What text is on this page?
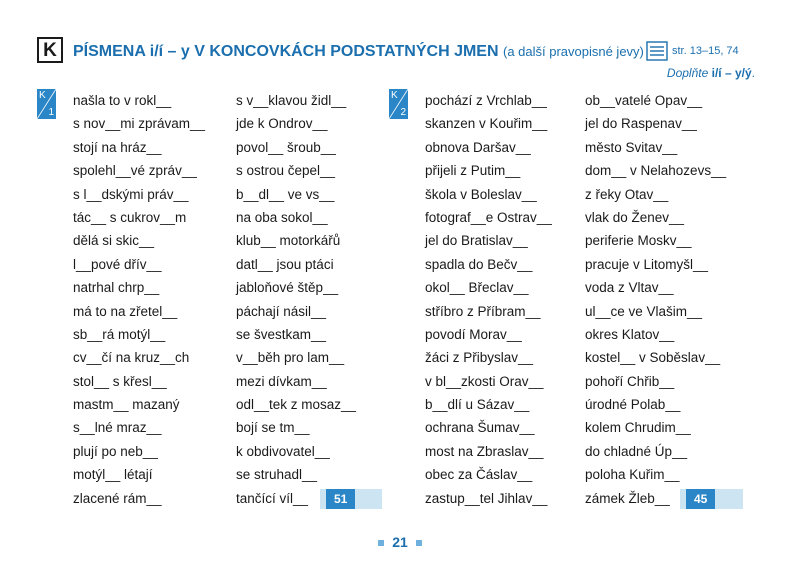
K	PÍSMENA i/í – y V KONCOVKÁCH PODSTATNÝCH JMEN (a další pravopisné jevy)	str. 13–15, 74
Doplňte i/í – y/ý.
K
1
našla to v rokl__
s nov__mi zprávam__
stojí na hráz__
spolehl__vé zpráv__
s l__dskými práv__
tác__ s cukrov__m
dělá si skic__
l__pové dřív__
natrhal chrp__
má to na zřetel__
sb__rá motýl__
cv__čí na kruz__ch
stol__ s křesl__
mastm__ mazaný
s__lné mraz__
plují po neb__
motýl__ létají
zlacené rám__
s v__klavou židl__
jde k Ondrov__
povol__ šroub__
s ostrou čepel__
b__dl__ ve vs__
na oba sokol__
klub__ motorkářů
datl__ jsou ptáci
jabloňové štěp__
páchají násil__
se švestkam__
v__běh pro lam__
mezi dívkam__
odl__tek z mosaz__
bojí se tm__
k obdivovatel__
se struhadl__
tančící víl__	51
K
2
pochází z Vrchlab__
skanzen v Kouřim__
obnova Daršav__
přijeli z Putim__
škola v Boleslav__
fotograf__e Ostrav__
jel do Bratislav__
spadla do Bečv__
okol__ Břeclav__
stříbro z Příbram__
povodí Morav__
žáci z Přibyslav__
v bl__zkosti Orav__
b__dlí u Sázav__
ochrana Šumav__
most na Zbraslav__
obec za Čáslav__
zastup__tel Jihlav__
ob__vatelé Opav__
jel do Raspenav__
město Svitav__
dom__ v Nelahozevs__
z řeky Otav__
vlak do Ženev__
periferie Moskv__
pracuje v Litomyšl__
voda z Vltav__
ul__ce ve Vlašim__
okres Klatov__
kostel__ v Soběslav__
pohoří Chřib__
úrodné Polab__
kolem Chrudim__
do chladné Úp__
poloha Kuřim__
zámek Žleb__	45
21
